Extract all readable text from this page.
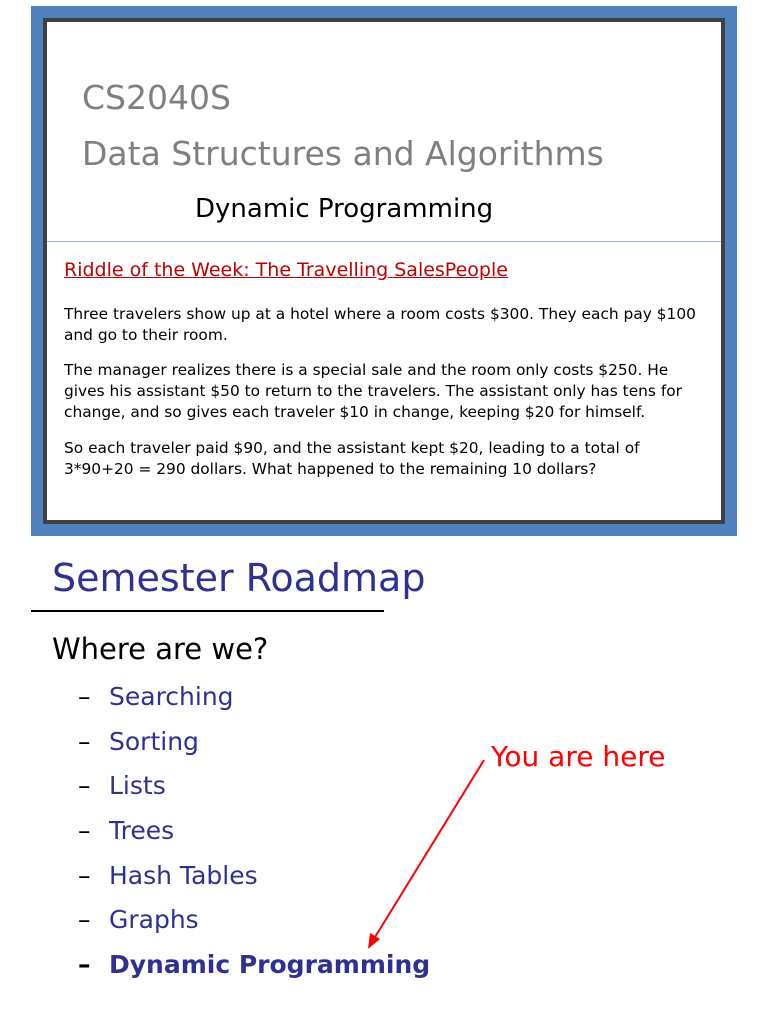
CS2040S
Data Structures and Algorithms
Dynamic Programming
Riddle of the Week: The Travelling SalesPeople

Three travelers show up at a hotel where a room costs $300. They each pay $100 and go to their room.

The manager realizes there is a special sale and the room only costs $250. He gives his assistant $50 to return to the travelers. The assistant only has tens for change, and so gives each traveler $10 in change, keeping $20 for himself.

So each traveler paid $90, and the assistant kept $20, leading to a total of 3*90+20 = 290 dollars. What happened to the remaining 10 dollars?

Semester Roadmap
Where are we?
– Searching
– Sorting
– Lists
– Trees
– Hash Tables
– Graphs
– Dynamic Programming
You are here
